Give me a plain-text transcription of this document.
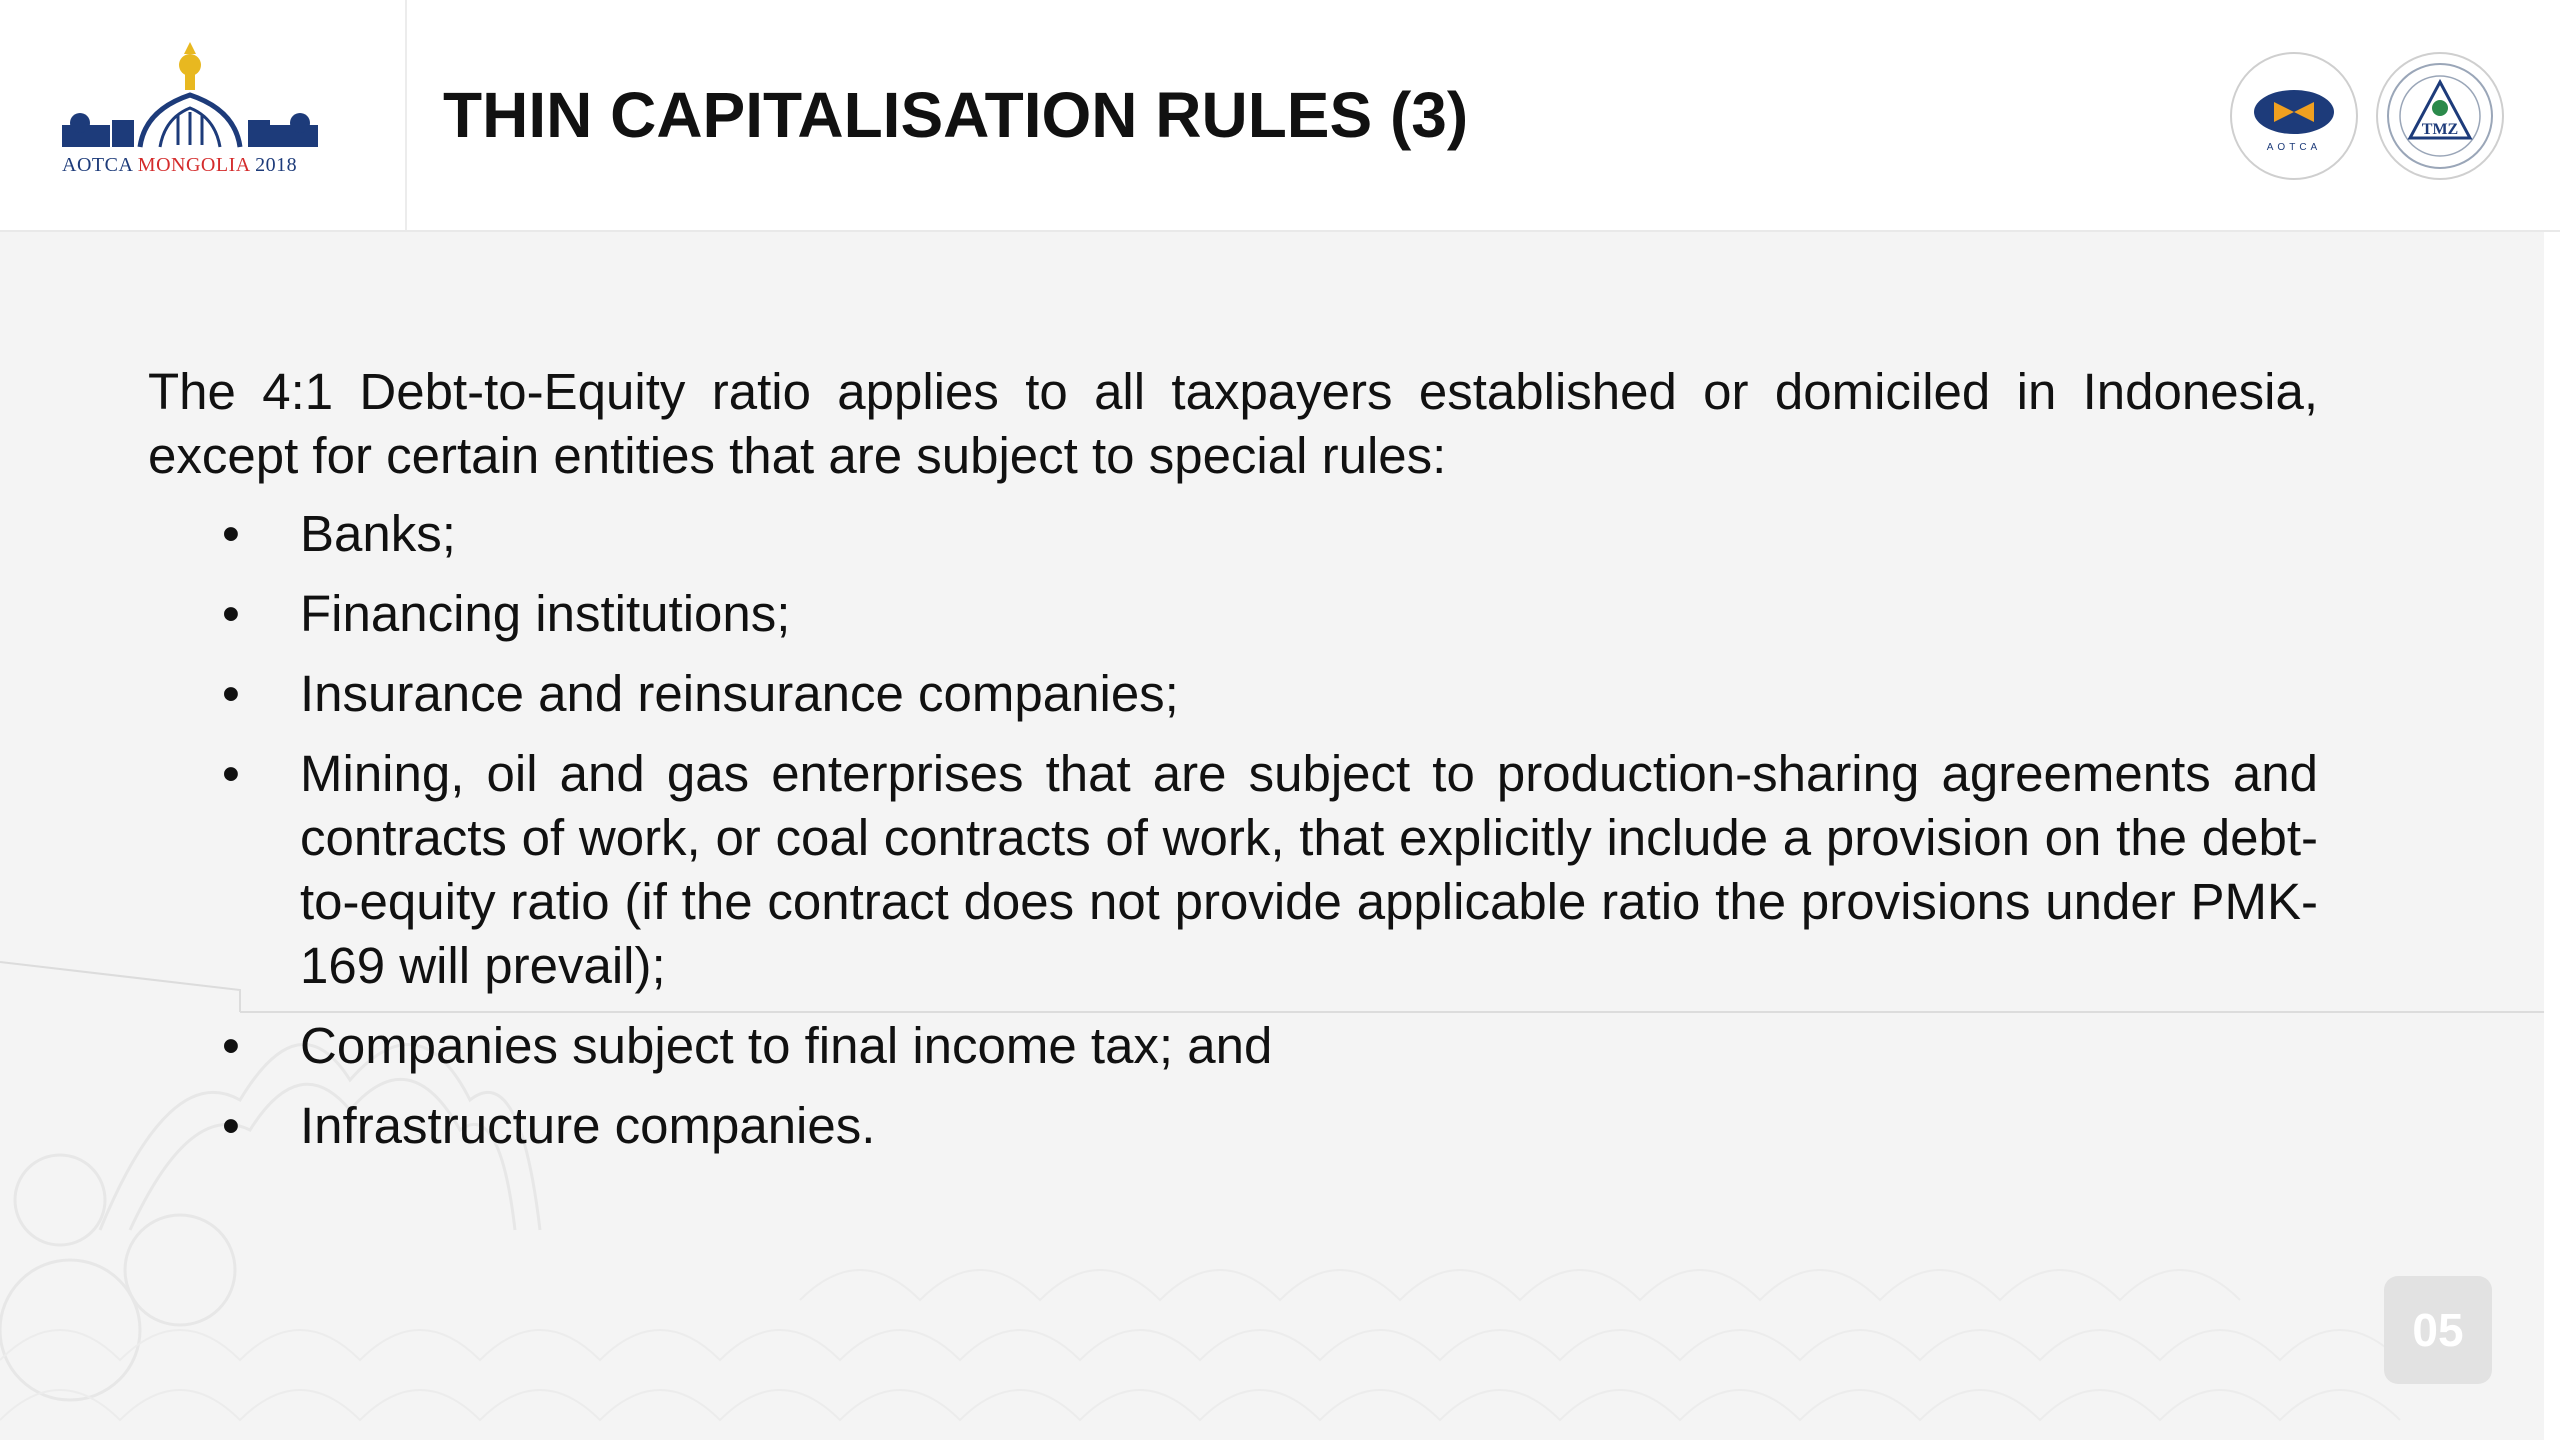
AOTCA MONGOLIA 2018
THIN CAPITALISATION RULES (3)	AOTCA
TMZ

The 4:1 Debt-to-Equity ratio applies to all taxpayers established or domiciled in Indonesia, except for certain entities that are subject to special rules:

• Banks;
• Financing institutions;
• Insurance and reinsurance companies;
• Mining, oil and gas enterprises that are subject to production-sharing agreements and contracts of work, or coal contracts of work, that explicitly include a provision on the debt-to-equity ratio (if the contract does not provide applicable ratio the provisions under PMK-169 will prevail);
• Companies subject to final income tax; and
• Infrastructure companies.
05
